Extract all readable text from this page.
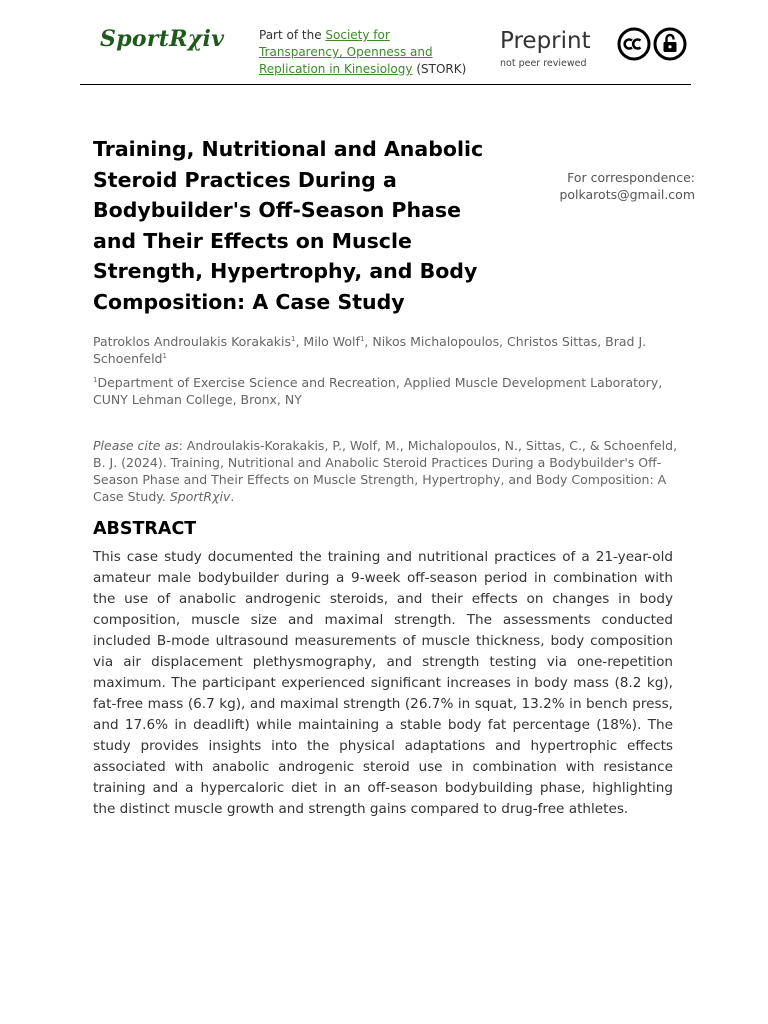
SportRχiv	Part of the Society for Transparency, Openness and Replication in Kinesiology (STORK)
Preprint
not peer reviewed
Training, Nutritional and Anabolic Steroid Practices During a Bodybuilder's Off-Season Phase and Their Effects on Muscle Strength, Hypertrophy, and Body Composition: A Case Study
For correspondence:
polkarots@gmail.com
Patroklos Androulakis Korakakis$^1$, Milo Wolf$^1$, Nikos Michalopoulos, Christos Sittas, Brad J. Schoenfeld$^1$
$^1$Department of Exercise Science and Recreation, Applied Muscle Development Laboratory, CUNY Lehman College, Bronx, NY
Please cite as: Androulakis-Korakakis, P., Wolf, M., Michalopoulos, N., Sittas, C., & Schoenfeld, B. J. (2024). Training, Nutritional and Anabolic Steroid Practices During a Bodybuilder's Off-Season Phase and Their Effects on Muscle Strength, Hypertrophy, and Body Composition: A Case Study. SportRχiv.
ABSTRACT
This case study documented the training and nutritional practices of a 21-year-old amateur male bodybuilder during a 9-week off-season period in combination with the use of anabolic androgenic steroids, and their effects on changes in body composition, muscle size and maximal strength. The assessments conducted included B-mode ultrasound measurements of muscle thickness, body composition via air displacement plethysmography, and strength testing via one-repetition maximum. The participant experienced significant increases in body mass (8.2 kg), fat-free mass (6.7 kg), and maximal strength (26.7% in squat, 13.2% in bench press, and 17.6% in deadlift) while maintaining a stable body fat percentage (18%). The study provides insights into the physical adaptations and hypertrophic effects associated with anabolic androgenic steroid use in combination with resistance training and a hypercaloric diet in an off-season bodybuilding phase, highlighting the distinct muscle growth and strength gains compared to drug-free athletes.
